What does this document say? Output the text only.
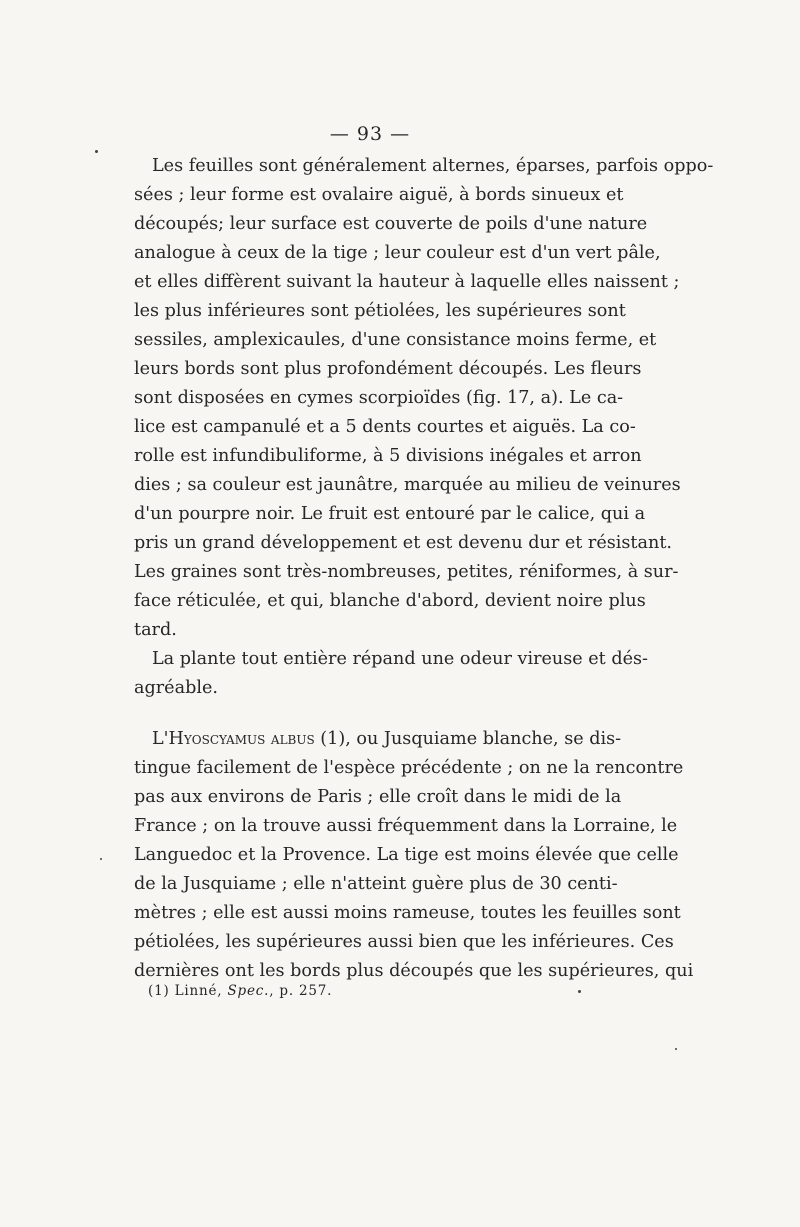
— 93 —
Les feuilles sont généralement alternes, éparses, parfois oppo-
sées ; leur forme est ovalaire aiguë, à bords sinueux et
découpés; leur surface est couverte de poils d'une nature
analogue à ceux de la tige ; leur couleur est d'un vert pâle,
et elles diffèrent suivant la hauteur à laquelle elles naissent ;
les plus inférieures sont pétiolées, les supérieures sont
sessiles, amplexicaules, d'une consistance moins ferme, et
leurs bords sont plus profondément découpés. Les fleurs
sont disposées en cymes scorpioïdes (fig. 17, a). Le ca-
lice est campanulé et a 5 dents courtes et aiguës. La co-
rolle est infundibuliforme, à 5 divisions inégales et arron
dies ; sa couleur est jaunâtre, marquée au milieu de veinures
d'un pourpre noir. Le fruit est entouré par le calice, qui a
pris un grand développement et est devenu dur et résistant.
Les graines sont très-nombreuses, petites, réniformes, à sur-
face réticulée, et qui, blanche d'abord, devient noire plus
tard.
La plante tout entière répand une odeur vireuse et dés-
agréable.
L'Hyoscyamus albus (1), ou Jusquiame blanche, se dis-
tingue facilement de l'espèce précédente ; on ne la rencontre
pas aux environs de Paris ; elle croît dans le midi de la
France ; on la trouve aussi fréquemment dans la Lorraine, le
Languedoc et la Provence. La tige est moins élevée que celle
de la Jusquiame ; elle n'atteint guère plus de 30 centi-
mètres ; elle est aussi moins rameuse, toutes les feuilles sont
pétiolées, les supérieures aussi bien que les inférieures. Ces
dernières ont les bords plus découpés que les supérieures, qui
(1) Linné, Spec., p. 257.
